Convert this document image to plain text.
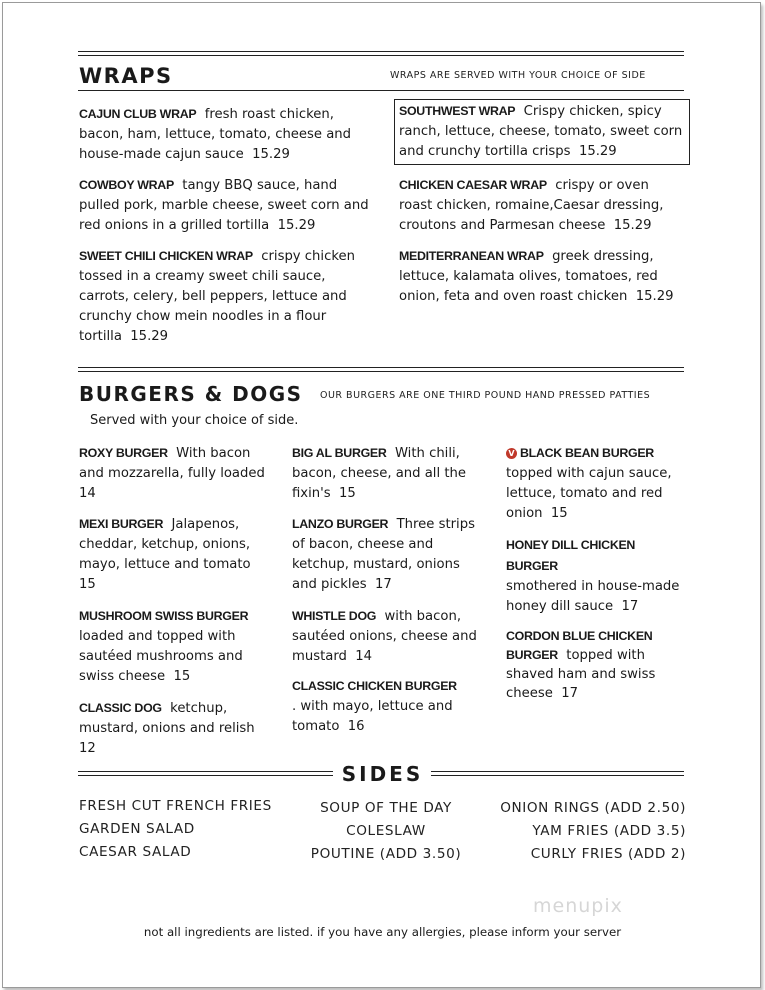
WRAPS	WRAPS ARE SERVED WITH YOUR CHOICE OF SIDE
CAJUN CLUB WRAP fresh roast chicken, bacon, ham, lettuce, tomato, cheese and house-made cajun sauce 15.29
COWBOY WRAP tangy BBQ sauce, hand pulled pork, marble cheese, sweet corn and red onions in a grilled tortilla 15.29
SWEET CHILI CHICKEN WRAP crispy chicken tossed in a creamy sweet chili sauce, carrots, celery, bell peppers, lettuce and crunchy chow mein noodles in a flour tortilla 15.29
SOUTHWEST WRAP Crispy chicken, spicy ranch, lettuce, cheese, tomato, sweet corn and crunchy tortilla crisps 15.29
CHICKEN CAESAR WRAP crispy or oven roast chicken, romaine,Caesar dressing, croutons and Parmesan cheese 15.29
MEDITERRANEAN WRAP greek dressing, lettuce, kalamata olives, tomatoes, red onion, feta and oven roast chicken 15.29
BURGERS & DOGS OUR BURGERS ARE ONE THIRD POUND HAND PRESSED PATTIES
Served with your choice of side.
ROXY BURGER With bacon and mozzarella, fully loaded  14
MEXI BURGER Jalapenos, cheddar, ketchup, onions, mayo, lettuce and tomato  15
MUSHROOM SWISS BURGER  loaded and topped with sautéed mushrooms and swiss cheese 15
CLASSIC DOG ketchup, mustard, onions and relish  12
BIG AL BURGER With chili, bacon, cheese, and all the fixin's 15
LANZO BURGER Three strips of bacon, cheese and ketchup, mustard, onions and pickles 17
WHISTLE DOG with bacon, sautéed onions, cheese and mustard 14
CLASSIC CHICKEN BURGER
. with mayo, lettuce and tomato 16
V BLACK BEAN BURGER
topped with cajun sauce, lettuce, tomato and red onion 15
HONEY DILL CHICKEN BURGER
smothered in house-made honey dill sauce 17
CORDON BLUE CHICKEN BURGER topped with shaved ham and swiss cheese 17
SIDES
FRESH CUT FRENCH FRIES
GARDEN SALAD
CAESAR SALAD
SOUP OF THE DAY
COLESLAW
POUTINE (ADD 3.50)
ONION RINGS (ADD 2.50)
YAM FRIES (ADD 3.5)
CURLY FRIES (ADD 2)
menupix
not all ingredients are listed. if you have any allergies, please inform your server
